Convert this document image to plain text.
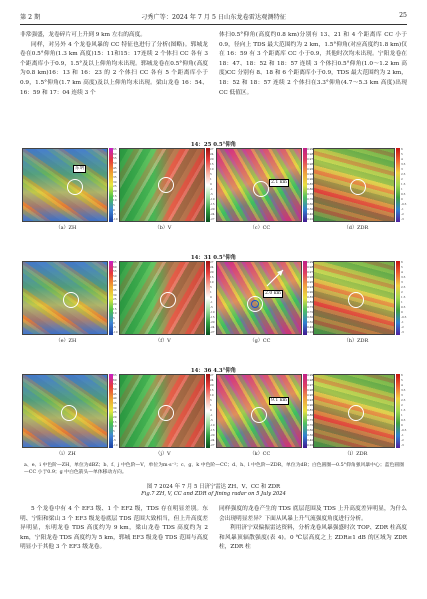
第 2 期	刁秀广等：2024 年 7 月 5 日山东龙卷雷达观测特征	25

非常强盛，龙卷碎片可上升到 9 km 左右的高度。

同样，对另外 4 个龙卷风暴的 CC 特征也进行了分析(图略)。郓城龙卷在0.5°仰角(1.3 km 高度)15：11和15：17连续 2 个体扫 CC 各有 3 个距离库小于0.9，1.5°及以上仰角均未出现。郓城龙卷在0.5°仰角(高度为0.8 km)16：13 和 16：23 的 2 个体扫 CC 各有 5 个距离库小于0.9，1.5°仰角(1.7 km 高度)及以上仰角均未出现。梁山龙卷 16：54、16：59 和 17：04 连续 3 个

体扫0.5°仰角(高度约0.8 km)分别有 13、21 和 4 个距离库 CC 小于0.9，径向上 TDS 最大范围约为 2 km，1.5°仰角(对应高度约1.8 km)仅在 16：59 有 3 个距离库 CC 小于0.9，其他时次均未出现。宁阳龙卷在 18：47、18：52 和 18：57 连续 3 个体扫0.5°仰角(1.0～1.2 km 高度)CC 分别有 8、18 和 6 个距离库小于0.9，TDS 最大范围约为 2 km，18：52 和 18：57 连续 2 个体扫在3.3°仰角(4.7～5.3 km 高度)出现 CC 低值区。

14：25 0.5°仰角
东明
65
60
55
50
45
40
35
30
25
20
15
10
5
0
-5
-10
（a）ZH
27
24
20
15
10
5
1
0
-1
-5
-10
-15
-20
-24
-27
（b）V
2.1 km
0.99
0.98
0.97
0.96
0.95
0.93
0.90
0.85
0.80
0.75
0.70
0.60
0.50
0.40
0.20
（c）CC
6
5
4
3.5
3
2.5
2
1.5
1
0.5
0
-0.5
-1
-2
-3
（d）ZDR
14：31 0.5°仰角
65
60
55
50
45
40
35
30
25
20
15
10
5
0
-5
-10
（e）ZH
27
24
20
15
10
5
1
0
-1
-5
-10
-15
-20
-24
-27
（f）V
2.0 km
0.99
0.98
0.97
0.96
0.95
0.93
0.90
0.85
0.80
0.75
0.70
0.60
0.50
0.40
0.20
（g）CC
6
5
4
3.5
3
2.5
2
1.5
1
0.5
0
-0.5
-1
-2
-3
（h）ZDR
14：36 4.3°仰角
65
60
55
50
45
40
35
30
25
20
15
10
5
0
-5
-10
（i）ZH
27
24
20
15
10
5
1
0
-1
-5
-10
-15
-20
-24
-27
（j）V
9.1 km
0.99
0.98
0.97
0.96
0.95
0.93
0.90
0.85
0.80
0.75
0.70
0.60
0.50
0.40
0.20
（k）CC
6
5
4
3.5
3
2.5
2
1.5
1
0.5
0
-0.5
-1
-2
-3
（l）ZDR
a、e、i 中色阶—ZH，单位为dBZ；b、f、j 中色阶—V，单位为m·s⁻¹；c、g、k 中色阶—CC；d、h、l 中色阶—ZDR，单位为dB；白色圆圈—0.5°仰角强风暴中心；蓝色圆圈—CC 小于0.9；g 中白色箭头—单体移动方向。
图 7 2024 年 7 月 5 日济宁雷达 ZH、V、CC 和 ZDR
Fig.7 ZH, V, CC and ZDR of Jining radar on 5 July 2024

5 个龙卷中有 4 个 EF3 级、1 个 EF2 级，TDS 存在明显差别。东明、宁阳和梁山 3 个 EF3 级龙卷底层 TDS 范围大致相当，但上升高度差异明显，东明龙卷 TDS 高度约为 9 km，梁山龙卷 TDS 高度约为 2 km，宁阳龙卷 TDS 高度约为 5 km，郓城 EF3 级龙卷 TDS 范围与高度明显小于其他 3 个 EF3 级龙卷。

同样强度的龙卷产生的 TDS 底层范围及 TDS 上升高度差异明显，为什么会出现明显差异？下面从风暴上升气流强度角度进行分析。

利用济宁双偏振雷达资料，分析龙卷风暴强盛时次 TOP、ZDR 柱高度和风暴顶辐散强度(表 4)。0 ℃层高度之上 ZDR≥1 dB 的区域为 ZDR 柱，ZDR 柱
